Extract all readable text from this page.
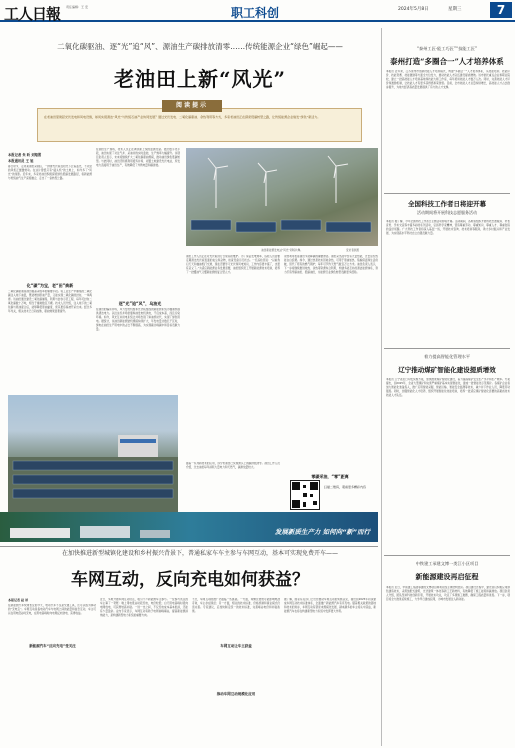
工人日報 责任编辑：王 安	职工科创	2024年5月8日	星期三	7
二氧化碳驱油、逐“光”追“风”、源油生产碳排放清零……传统能源企业“绿色”崛起——
老油田上新“风光”
阅读提示
在老油田里建起光伏发电和风电设施，如何实现清洁“风光”与传统石油产业协同发展？通过光伏发电、二氧化碳驱油、余热利用等方式，多家老油田正在探索低碳转型之路，让传统能源企业焕发“绿色”新活力。
本报记者 朱 昕 刘翔霄
本报通讯员 王 旭
春日时节，走进某油田采油区，一排排光伏板在阳光下泛着蓝光，不远处的风机正缓缓转动。在这片曾经只有“磕头机”的土地上，如今多了“风光”的身影。近年来，多家老油田积极探索绿色低碳发展路径，将新能源与传统油气生产深度融合，走出了一条转型之路。
化“碳”为宝，老“田”焕新
二氧化碳驱油是油田提高采收率的重要手段。将工业生产中捕集的二氧化碳注入地下油层，既能增加原油产量，又能实现二氧化碳的封存，一举两得。该油田通过建设二氧化碳捕集、利用与封存示范工程，每年可封存二氧化碳数十万吨，相当于植树数百万棵。技术人员介绍，注入地下的二氧化碳与原油混合后，能够降低原油黏度，使其更容易被开采出来。经过多年攻关，相关技术已日趋成熟，驱油效果显著提升。
在油田生产现场，技术人员正在调试新上线的监测设备。通过数字化手段，油田实现了对注气井、采油井的实时监控，生产效率大幅提升。该项目负责人表示，未来将继续扩大二氧化碳驱油规模，推动油田绿色低碳转型。与此同时，油田还积极利用废弃井场、闲置土地建设光伏电站，所发电力直接用于油田生产，有效降低了外购电量和碳排放。
逐“光”追“风”，乌油光
在油田的偏远井场，风力发电机组和光伏板组成的新能源系统为抽油机提供清洁电力。以往这些井场依靠柴油发电机供电，不仅成本高，而且污染环境。如今，风光互补供电系统让井场告别了柴油机时代，实现了绿色用电。据统计，该油田新能源装机规模持续扩大，年发电量达数亿千瓦时，绿电在油田生产用电中的占比不断提高，为实现碳达峰碳中和目标贡献力量。
油田新能源发电站“风光”同场共舞。	受访者供图
油田工作人员正在对光伏板进行日常巡检维护。为了保证发电效率，巡检人员需要定期清洁光伏板表面的灰尘和杂物，检查设备运行状态。一名巡检员说：“以前我们天天和抽油机打交道，现在还要学习光伏和风电知识，工作内容更丰富了，也更有意义了。”为适应新能源业务发展需要，油田组织员工开展新能源技术培训，培养了一批懂油气又懂新能源的复合型人才。
余热利用也是油田节能降碳的重要途径。油田采出液中含有大量热能，过去这些热能白白浪费。如今，通过热泵技术回收余热，可用于原油加热、集输保温和生活供暖，替代了原有的燃气锅炉，每年可节约天然气数百万立方米。油田负责人表示，下一步将继续推进地热、余热等资源综合利用，构建多能互补的清洁能源体系，努力打造零碳油田、低碳油田，为能源行业绿色转型贡献更多经验。
零碳采油，“零”距离
随着一系列新技术的应用，部分老油田已实现源头上的碳排放清零。油田工作人员介绍，过去油田每年消耗大量电力和天然气，碳排放量较大。
扫描二维码，观看更多精彩内容
发展新质生产力 如何向“新”而行
在加快推进新型城镇化建设和乡村振兴背景下，普通私家车车主参与车网互动，基本可实现免费开车——
车网互动，反向充电如何获益？
本报记者 赵 昂
在新能源汽车快速普及的今天，电动汽车不仅是交通工具，还可以成为移动的“充电宝”。车网互动是指电动汽车与电网之间的能量和信息互动，车主可以在用电低谷时充电，在用电高峰时向电网反向送电，获得收益。
新能源汽车“反向充电”受关注
近日，多地开展车网互动试点，吸引不少新能源车主参与。一位参与试点的车主算了一笔账：晚上用电低谷时段充电，电价较低；白天用电高峰时段向电网放电，可获得较高补贴。一进一出之间，不仅充电成本基本抵消，还能有少量盈余。业内专家表示，车网互动有助于电网削峰填谷，提高新能源消纳能力，是构建新型电力系统的重要方向。
不过，车网互动的推广仍面临一些挑战。一方面，频繁充放电可能影响电池寿命，车主存在顾虑；另一方面，相关的技术标准、价格机制和商业模式仍需完善。专家建议，应加快制定统一的技术标准，完善峰谷电价和补贴政策。
车网互动让车主获益
推动车网互动规模化应用
据了解，国家有关部门已出台推动车网互动的实施意见，提出到2025年初步建成车网互动技术标准体系，全面推广新能源汽车有序充电。随着相关政策的落地和技术的进步，车网互动有望迎来规模化发展，越来越多的车主将从中获益，新能源汽车也将在构建新型电力系统中发挥更大作用。
“泰州工匠·能工巧匠”“技能工匠”
泰州打造“多圈合一”人才培养体系
本报讯 近年来，江苏泰州市创新技能人才培养模式，构建“多圈合一”人才培养体系，从技能培训、技能评价、技能竞赛、技能激励等方面全方位发力，推动技能人才队伍建设提质增效。该市依托重点企业和职业院校，建立一批高技能人才培训基地和技能大师工作室，每年培训技能人才数万人次。同时，完善技能人才评价和激励机制，让技能人才有更多获得感和荣誉感。目前，全市技能人才总量持续增长，高技能人才占比稳步提升，为地方经济高质量发展提供了有力的人才支撑。
全国科技工作者日将迎开幕
活动期间将开展科技志愿服务活动
本报讯 据了解，今年全国科技工作者日主题活动即将开幕。活动期间，各地将组织开展科技志愿服务、科普宣传、学术交流等丰富多彩的系列活动，弘扬科学家精神，营造尊重劳动、尊重知识、尊重人才、尊重创造的良好氛围。广大科技工作者将深入基层一线，开展技术咨询、技术培训等服务，助力乡村振兴和产业发展，为实现高水平科技自立自强贡献力量。
着力提高智能化管理水平
辽宁推动煤矿智能化建设提质增效
本报讯 辽宁省近日印发实施方案，加快推进煤矿智能化建设，着力提高煤矿安全生产水平和生产效率。方案提出，到2025年，全省大型煤矿和灾害严重煤矿基本实现智能化，建成一批智能化示范煤矿。各煤矿企业将加大智能化装备投入，推广应用智能采掘、智能运输、智能安全监测等技术，减少井下作业人员，降低劳动强度。同时，加强智能化人才培养，组织开展智能化技能培训，培养一批适应煤矿智能化需要的高素质技术技能人才队伍。
中铁建工承建文博一类江小区项目
新能源建设再启征程
本报讯 近日，中铁建工集团承建的文博项目顺利完成主体结构封顶。项目建设过程中，建设者们积极应用绿色建造技术，采用装配式建筑、光伏建筑一体化等新工艺新材料，有效降低了施工能耗和碳排放。项目负责人介绍，团队坚持科技创新引领，开展技术攻关，攻克了多项施工难题，确保工程质量和进度。下一步，项目将全力推进后续施工，力争早日建成投用，为城市发展注入新动能。
